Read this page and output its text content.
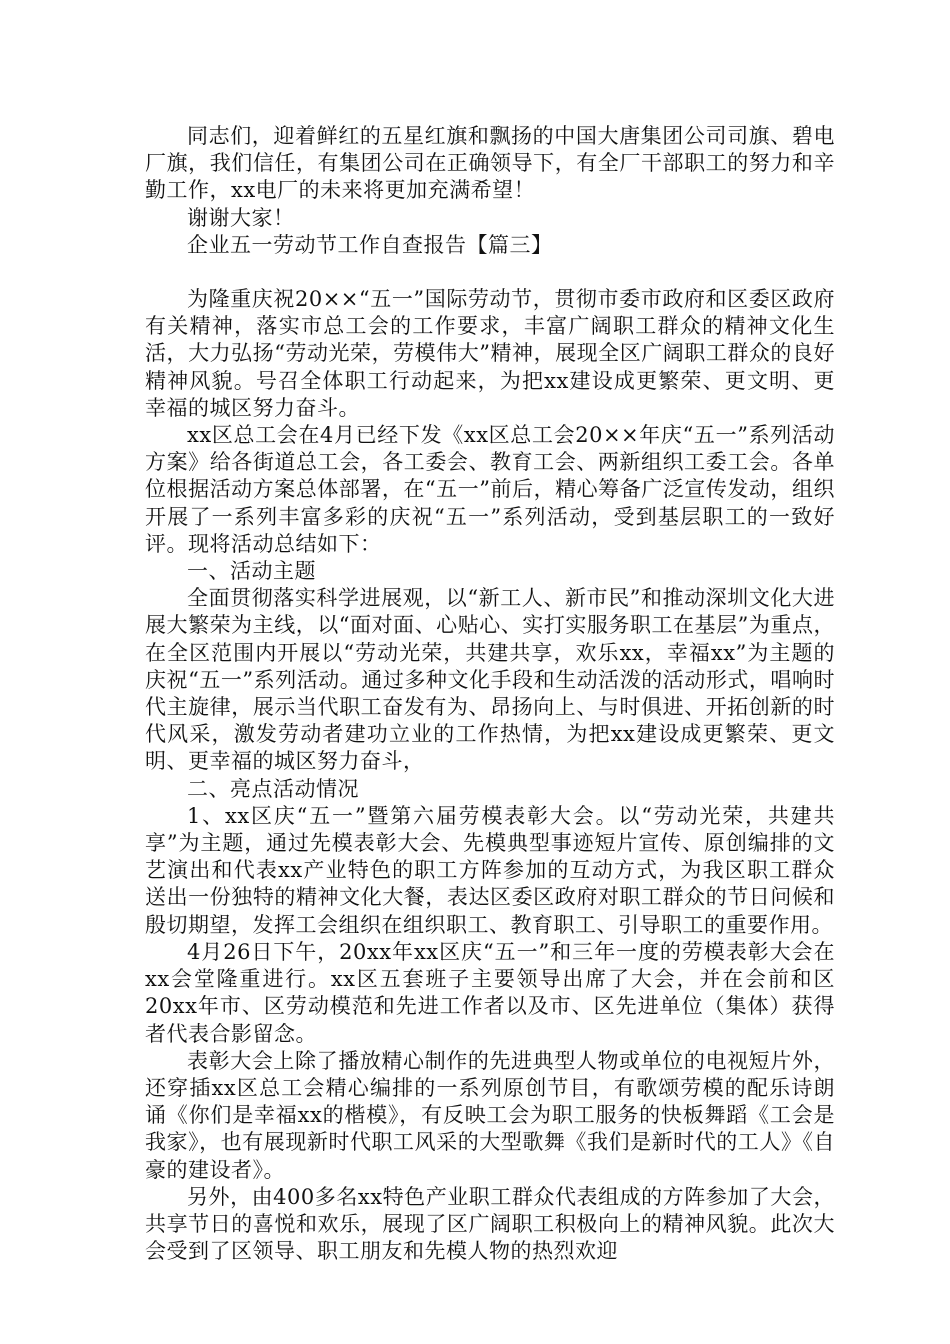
同志们，迎着鲜红的五星红旗和飘扬的中国大唐集团公司司旗、碧电厂旗，我们信任，有集团公司在正确领导下，有全厂干部职工的努力和辛勤工作，xx电厂的未来将更加充满希望！

谢谢大家！

企业五一劳动节工作自查报告【篇三】

为隆重庆祝20××“五一”国际劳动节，贯彻市委市政府和区委区政府有关精神，落实市总工会的工作要求，丰富广阔职工群众的精神文化生活，大力弘扬“劳动光荣，劳模伟大”精神，展现全区广阔职工群众的良好精神风貌。号召全体职工行动起来，为把xx建设成更繁荣、更文明、更幸福的城区努力奋斗。

xx区总工会在4月已经下发《xx区总工会20××年庆“五一”系列活动方案》给各街道总工会，各工委会、教育工会、两新组织工委工会。各单位根据活动方案总体部署，在“五一”前后，精心筹备广泛宣传发动，组织开展了一系列丰富多彩的庆祝“五一”系列活动，受到基层职工的一致好评。现将活动总结如下：

一、活动主题

全面贯彻落实科学进展观，以“新工人、新市民”和推动深圳文化大进展大繁荣为主线，以“面对面、心贴心、实打实服务职工在基层”为重点，在全区范围内开展以“劳动光荣，共建共享，欢乐xx，幸福xx”为主题的庆祝“五一”系列活动。通过多种文化手段和生动活泼的活动形式，唱响时代主旋律，展示当代职工奋发有为、昂扬向上、与时俱进、开拓创新的时代风采，激发劳动者建功立业的工作热情，为把xx建设成更繁荣、更文明、更幸福的城区努力奋斗，

二、亮点活动情况

1、xx区庆“五一”暨第六届劳模表彰大会。以“劳动光荣，共建共享”为主题，通过先模表彰大会、先模典型事迹短片宣传、原创编排的文艺演出和代表xx产业特色的职工方阵参加的互动方式，为我区职工群众送出一份独特的精神文化大餐，表达区委区政府对职工群众的节日问候和殷切期望，发挥工会组织在组织职工、教育职工、引导职工的重要作用。

4月26日下午，20xx年xx区庆“五一”和三年一度的劳模表彰大会在xx会堂隆重进行。xx区五套班子主要领导出席了大会，并在会前和区20xx年市、区劳动模范和先进工作者以及市、区先进单位（集体）获得者代表合影留念。

表彰大会上除了播放精心制作的先进典型人物或单位的电视短片外，还穿插xx区总工会精心编排的一系列原创节目，有歌颂劳模的配乐诗朗诵《你们是幸福xx的楷模》，有反映工会为职工服务的快板舞蹈《工会是我家》，也有展现新时代职工风采的大型歌舞《我们是新时代的工人》《自豪的建设者》。

另外，由400多名xx特色产业职工群众代表组成的方阵参加了大会，共享节日的喜悦和欢乐，展现了区广阔职工积极向上的精神风貌。此次大会受到了区领导、职工朋友和先模人物的热烈欢迎
